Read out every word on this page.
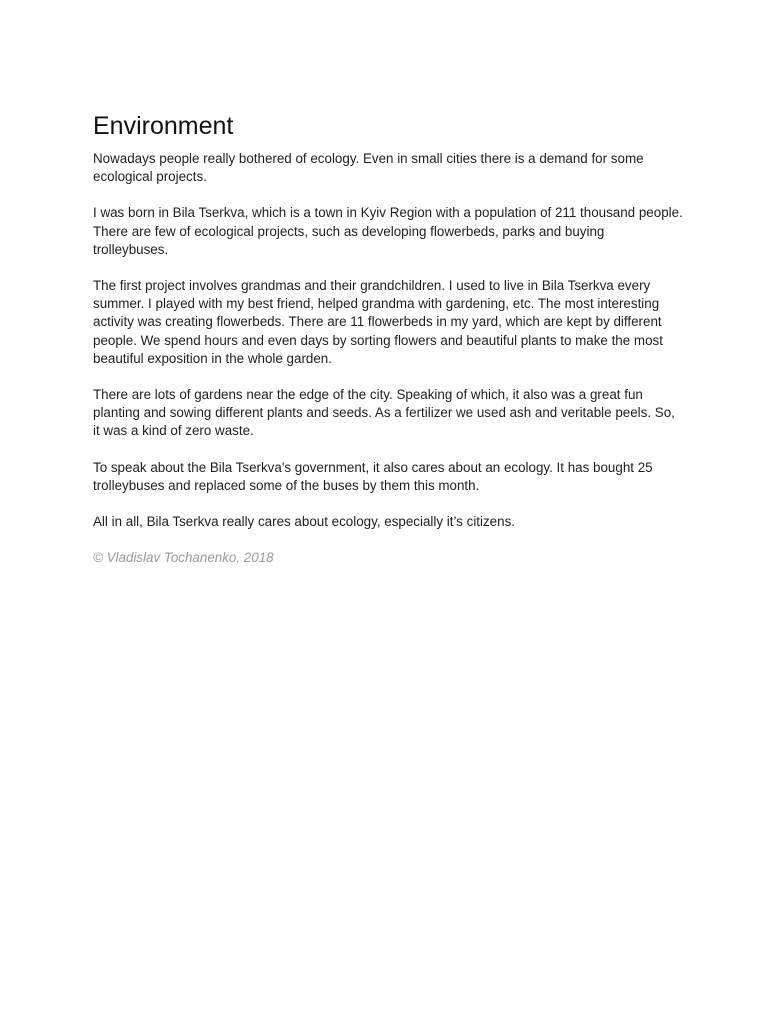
Environment

Nowadays people really bothered of ecology. Even in small cities there is a demand for some ecological projects.

I was born in Bila Tserkva, which is a town in Kyiv Region with a population of 211 thousand people. There are few of ecological projects, such as developing flowerbeds, parks and buying trolleybuses.

The first project involves grandmas and their grandchildren. I used to live in Bila Tserkva every summer. I played with my best friend, helped grandma with gardening, etc. The most interesting activity was creating flowerbeds. There are 11 flowerbeds in my yard, which are kept by different people. We spend hours and even days by sorting flowers and beautiful plants to make the most beautiful exposition in the whole garden.

There are lots of gardens near the edge of the city. Speaking of which, it also was a great fun planting and sowing different plants and seeds. As a fertilizer we used ash and veritable peels. So, it was a kind of zero waste.

To speak about the Bila Tserkva's government, it also cares about an ecology. It has bought 25 trolleybuses and replaced some of the buses by them this month.

All in all, Bila Tserkva really cares about ecology, especially it’s citizens.

© Vladislav Tochanenko, 2018
